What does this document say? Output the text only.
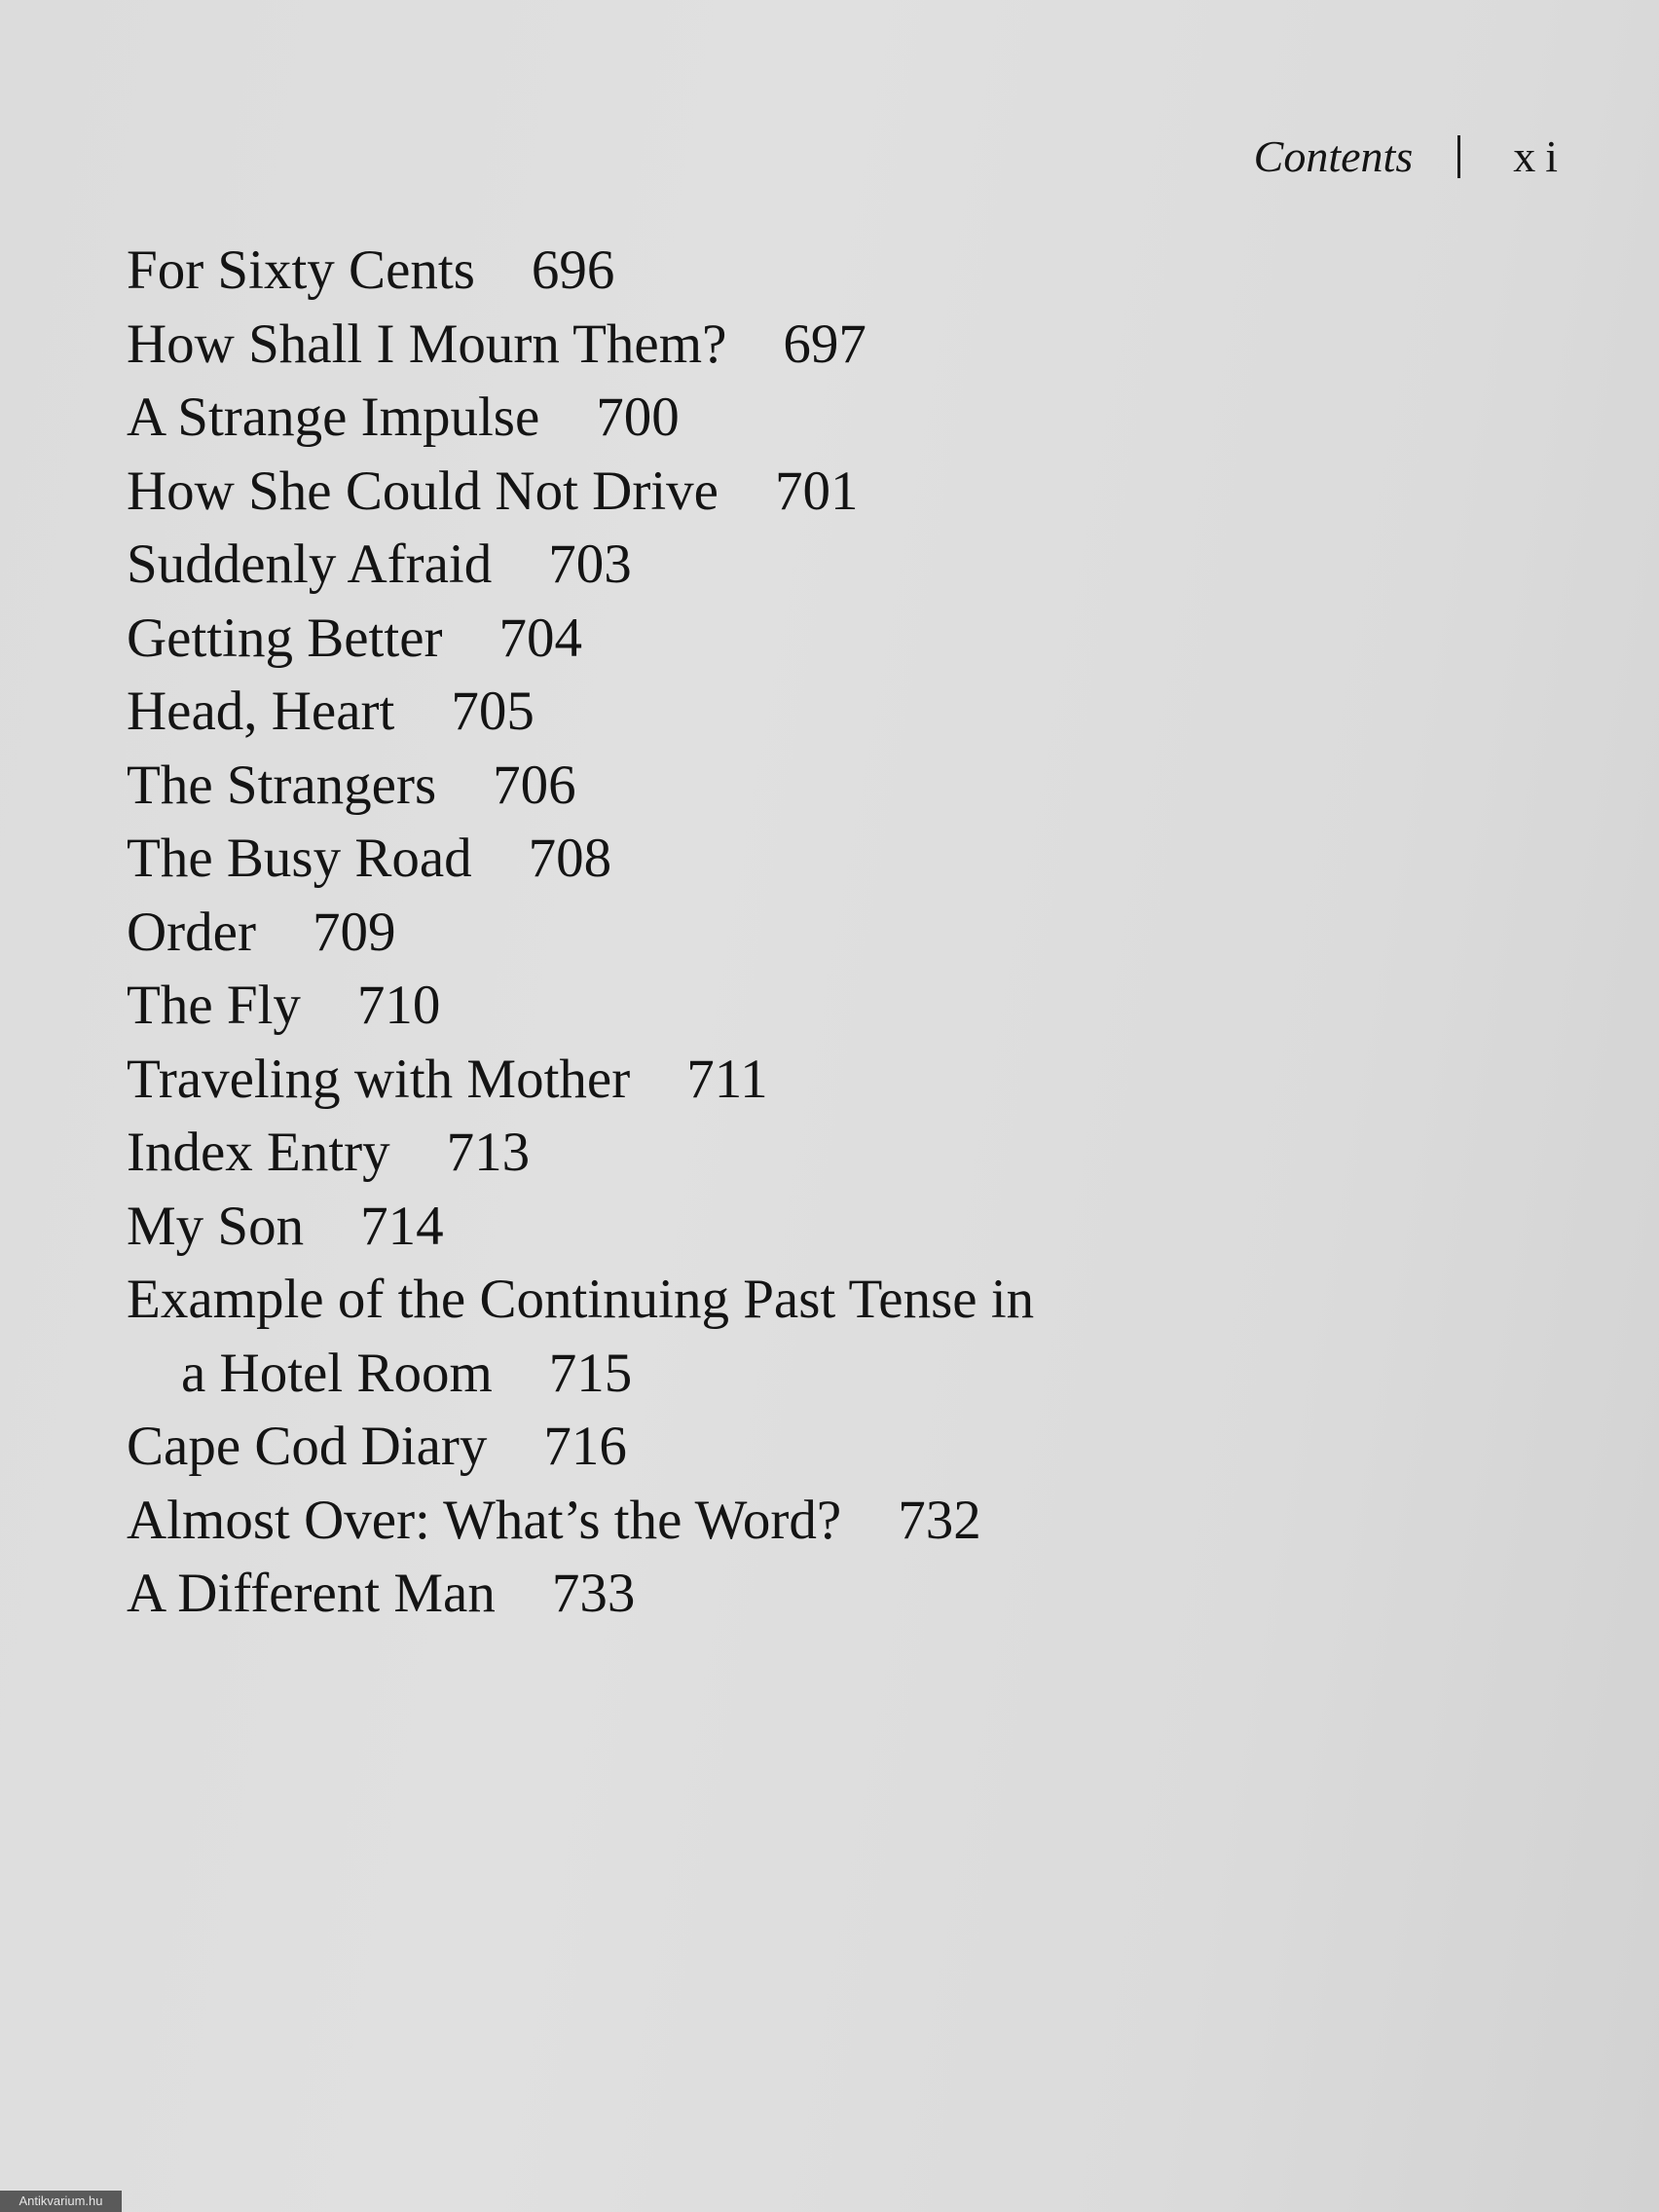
Contents xi
For Sixty Cents 696
How Shall I Mourn Them? 697
A Strange Impulse 700
How She Could Not Drive 701
Suddenly Afraid 703
Getting Better 704
Head, Heart 705
The Strangers 706
The Busy Road 708
Order 709
The Fly 710
Traveling with Mother 711
Index Entry 713
My Son 714
Example of the Continuing Past Tense in
a Hotel Room 715
Cape Cod Diary 716
Almost Over: What’s the Word? 732
A Different Man 733
Antikvarium.hu
